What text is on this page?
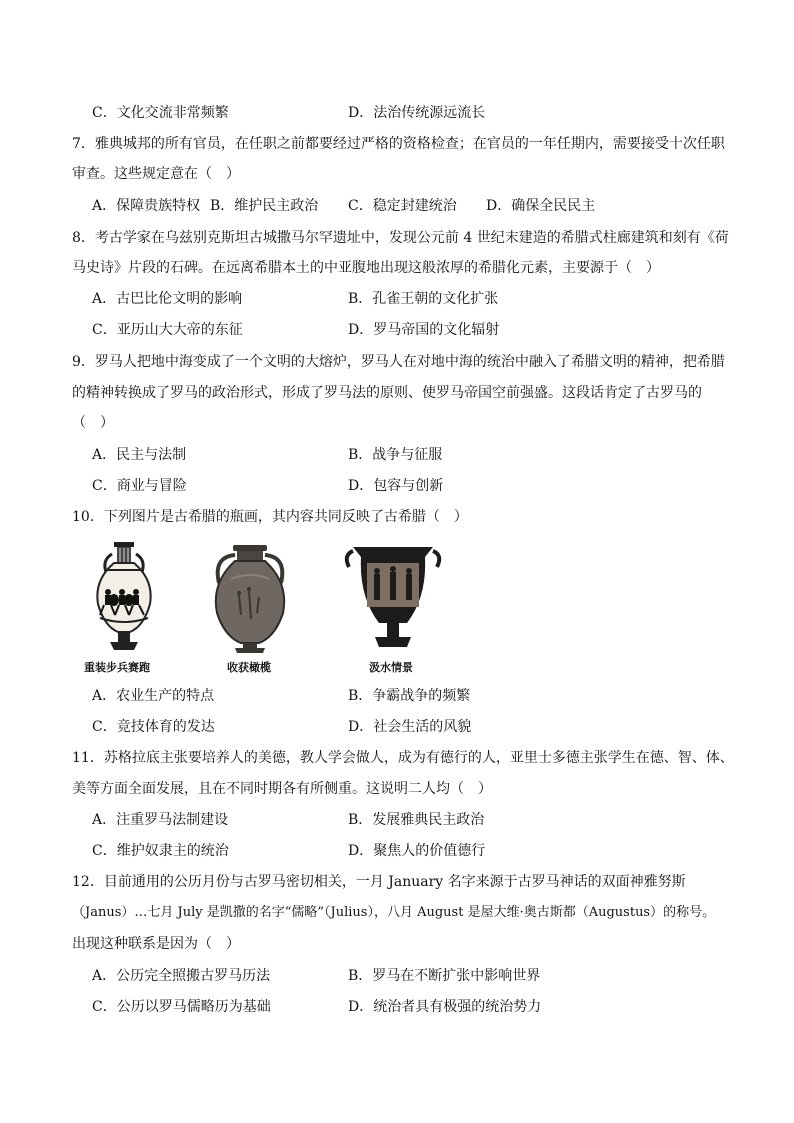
C．文化交流非常频繁	D．法治传统源远流长
7．雅典城邦的所有官员，在任职之前都要经过严格的资格检查；在官员的一年任期内，需要接受十次任职
审查。这些规定意在（　）
A．保障贵族特权 B．维护民主政治 C．稳定封建统治 D．确保全民民主
8．考古学家在乌兹别克斯坦古城撒马尔罕遗址中，发现公元前 4 世纪末建造的希腊式柱廊建筑和刻有《荷
马史诗》片段的石碑。在远离希腊本土的中亚腹地出现这般浓厚的希腊化元素，主要源于（　）
A．古巴比伦文明的影响	B．孔雀王朝的文化扩张
C．亚历山大大帝的东征	D．罗马帝国的文化辐射
9．罗马人把地中海变成了一个文明的大熔炉，罗马人在对地中海的统治中融入了希腊文明的精神，把希腊
的精神转换成了罗马的政治形式，形成了罗马法的原则、使罗马帝国空前强盛。这段话肯定了古罗马的
（　）
A．民主与法制	B．战争与征服
C．商业与冒险	D．包容与创新
10．下列图片是古希腊的瓶画，其内容共同反映了古希腊（　）
重装步兵赛跑	收获橄榄	汲水情景
A．农业生产的特点	B．争霸战争的频繁
C．竞技体育的发达	D．社会生活的风貌
11．苏格拉底主张要培养人的美德，教人学会做人，成为有德行的人，亚里士多德主张学生在德、智、体、
美等方面全面发展，且在不同时期各有所侧重。这说明二人均（　）
A．注重罗马法制建设	B．发展雅典民主政治
C．维护奴隶主的统治	D．聚焦人的价值德行
12．目前通用的公历月份与古罗马密切相关，一月 January 名字来源于古罗马神话的双面神雅努斯
（Janus）…七月 July 是凯撒的名字“儒略”（Julius），八月 August 是屋大维·奥古斯都（Augustus）的称号。
出现这种联系是因为（　）
A．公历完全照搬古罗马历法	B．罗马在不断扩张中影响世界
C．公历以罗马儒略历为基础	D．统治者具有极强的统治势力
